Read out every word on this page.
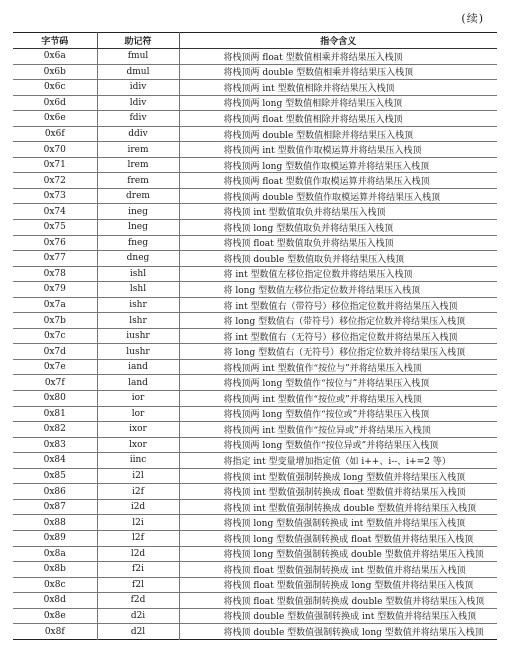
(续)
字节码	助记符	指令含义
0x6a	fmul	将栈顶两 float 型数值相乘并将结果压入栈顶
0x6b	dmul	将栈顶两 double 型数值相乘并将结果压入栈顶
0x6c	idiv	将栈顶两 int 型数值相除并将结果压入栈顶
0x6d	ldiv	将栈顶两 long 型数值相除并将结果压入栈顶
0x6e	fdiv	将栈顶两 float 型数值相除并将结果压入栈顶
0x6f	ddiv	将栈顶两 double 型数值相除并将结果压入栈顶
0x70	irem	将栈顶两 int 型数值作取模运算并将结果压入栈顶
0x71	lrem	将栈顶两 long 型数值作取模运算并将结果压入栈顶
0x72	frem	将栈顶两 float 型数值作取模运算并将结果压入栈顶
0x73	drem	将栈顶两 double 型数值作取模运算并将结果压入栈顶
0x74	ineg	将栈顶 int 型数值取负并将结果压入栈顶
0x75	lneg	将栈顶 long 型数值取负并将结果压入栈顶
0x76	fneg	将栈顶 float 型数值取负并将结果压入栈顶
0x77	dneg	将栈顶 double 型数值取负并将结果压入栈顶
0x78	ishl	将 int 型数值左移位指定位数并将结果压入栈顶
0x79	lshl	将 long 型数值左移位指定位数并将结果压入栈顶
0x7a	ishr	将 int 型数值右（带符号）移位指定位数并将结果压入栈顶
0x7b	lshr	将 long 型数值右（带符号）移位指定位数并将结果压入栈顶
0x7c	iushr	将 int 型数值右（无符号）移位指定位数并将结果压入栈顶
0x7d	lushr	将 long 型数值右（无符号）移位指定位数并将结果压入栈顶
0x7e	iand	将栈顶两 int 型数值作“按位与”并将结果压入栈顶
0x7f	land	将栈顶两 long 型数值作“按位与”并将结果压入栈顶
0x80	ior	将栈顶两 int 型数值作“按位或”并将结果压入栈顶
0x81	lor	将栈顶两 long 型数值作“按位或”并将结果压入栈顶
0x82	ixor	将栈顶两 int 型数值作“按位异或”并将结果压入栈顶
0x83	lxor	将栈顶两 long 型数值作“按位异或”并将结果压入栈顶
0x84	iinc	将指定 int 型变量增加指定值（如 i++、i--、i+=2 等）
0x85	i2l	将栈顶 int 型数值强制转换成 long 型数值并将结果压入栈顶
0x86	i2f	将栈顶 int 型数值强制转换成 float 型数值并将结果压入栈顶
0x87	i2d	将栈顶 int 型数值强制转换成 double 型数值并将结果压入栈顶
0x88	l2i	将栈顶 long 型数值强制转换成 int 型数值并将结果压入栈顶
0x89	l2f	将栈顶 long 型数值强制转换成 float 型数值并将结果压入栈顶
0x8a	l2d	将栈顶 long 型数值强制转换成 double 型数值并将结果压入栈顶
0x8b	f2i	将栈顶 float 型数值强制转换成 int 型数值并将结果压入栈顶
0x8c	f2l	将栈顶 float 型数值强制转换成 long 型数值并将结果压入栈顶
0x8d	f2d	将栈顶 float 型数值强制转换成 double 型数值并将结果压入栈顶
0x8e	d2i	将栈顶 double 型数值强制转换成 int 型数值并将结果压入栈顶
0x8f	d2l	将栈顶 double 型数值强制转换成 long 型数值并将结果压入栈顶
